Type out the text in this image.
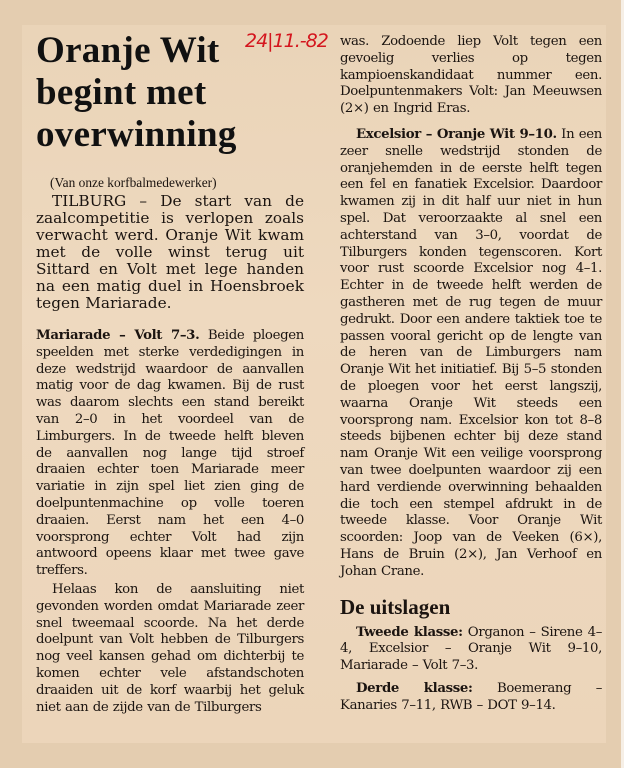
24|11.-82
Oranje Wit
begint met
overwinning
(Van onze korfbalmedewerker)

TILBURG – De start van de zaalcompetitie is verlopen zoals verwacht werd. Oranje Wit kwam met de volle winst terug uit Sittard en Volt met lege handen na een matig duel in Hoensbroek tegen Mariarade.

Mariarade – Volt 7–3. Beide ploegen speelden met sterke verdedigingen in deze wedstrijd waardoor de aanvallen matig voor de dag kwamen. Bij de rust was daarom slechts een stand bereikt van 2–0 in het voordeel van de Limburgers. In de tweede helft bleven de aanvallen nog lange tijd stroef draaien echter toen Mariarade meer variatie in zijn spel liet zien ging de doelpuntenmachine op volle toeren draaien. Eerst nam het een 4–0 voorsprong echter Volt had zijn antwoord opeens klaar met twee gave treffers.

Helaas kon de aansluiting niet gevonden worden omdat Mariarade zeer snel tweemaal scoorde. Na het derde doelpunt van Volt hebben de Tilburgers nog veel kansen gehad om dichterbij te komen echter vele afstandschoten draaiden uit de korf waarbij het geluk niet aan de zijde van de Tilburgers

was. Zodoende liep Volt tegen een gevoelig verlies op tegen kampioenskandidaat nummer een. Doelpuntenmakers Volt: Jan Meeuwsen (2×) en Ingrid Eras.

Excelsior – Oranje Wit 9–10. In een zeer snelle wedstrijd stonden de oranjehemden in de eerste helft tegen een fel en fanatiek Excelsior. Daardoor kwamen zij in dit half uur niet in hun spel. Dat veroorzaakte al snel een achterstand van 3–0, voordat de Tilburgers konden tegenscoren. Kort voor rust scoorde Excelsior nog 4–1. Echter in de tweede helft werden de gastheren met de rug tegen de muur gedrukt. Door een andere taktiek toe te passen vooral gericht op de lengte van de heren van de Limburgers nam Oranje Wit het initiatief. Bij 5–5 stonden de ploegen voor het eerst langszij, waarna Oranje Wit steeds een voorsprong nam. Excelsior kon tot 8–8 steeds bijbenen echter bij deze stand nam Oranje Wit een veilige voorsprong van twee doelpunten waardoor zij een hard verdiende overwinning behaalden die toch een stempel afdrukt in de tweede klasse. Voor Oranje Wit scoorden: Joop van de Veeken (6×), Hans de Bruin (2×), Jan Verhoof en Johan Crane.

De uitslagen

Tweede klasse: Organon – Sirene 4–4, Excelsior – Oranje Wit 9–10, Mariarade – Volt 7–3.

Derde klasse: Boemerang – Kanaries 7–11, RWB – DOT 9–14.
